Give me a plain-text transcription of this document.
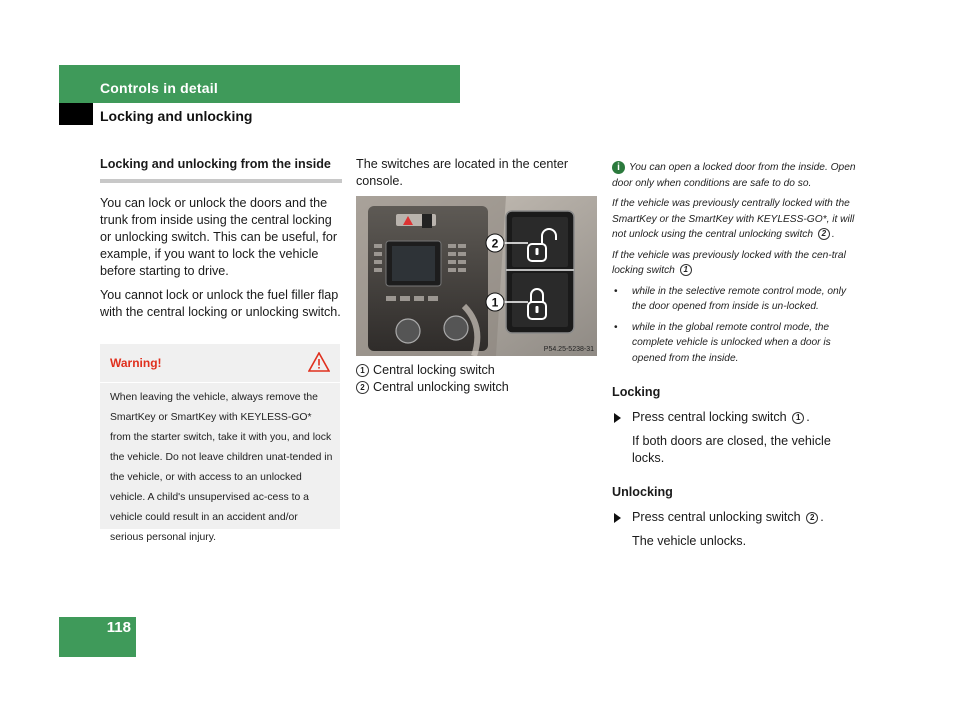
Controls in detail
Locking and unlocking
Locking and unlocking from the inside

You can lock or unlock the doors and the trunk from inside using the central locking or unlocking switch. This can be useful, for example, if you want to lock the vehicle before starting to drive.

You cannot lock or unlock the fuel filler flap with the central locking or unlocking switch.

Warning!
When leaving the vehicle, always remove the SmartKey or SmartKey with KEYLESS-GO* from the starter switch, take it with you, and lock the vehicle. Do not leave children unat-tended in the vehicle, or with access to an unlocked vehicle. A child's unsupervised ac-cess to a vehicle could result in an accident and/or serious personal injury.

The switches are located in the center console.

2
1
P54.25-5238-31
1 Central locking switch
2 Central unlocking switch

i You can open a locked door from the inside. Open door only when conditions are safe to do so.

If the vehicle was previously centrally locked with the SmartKey or the SmartKey with KEYLESS-GO*, it will not unlock using the central unlocking switch 2 .

If the vehicle was previously locked with the cen-tral locking switch 1

• while in the selective remote control mode, only the door opened from inside is un-locked.

• while in the global remote control mode, the complete vehicle is unlocked when a door is opened from the inside.

Locking
Press central locking switch 1 .
If both doors are closed, the vehicle locks.
Unlocking
Press central unlocking switch 2 .
The vehicle unlocks.
118
